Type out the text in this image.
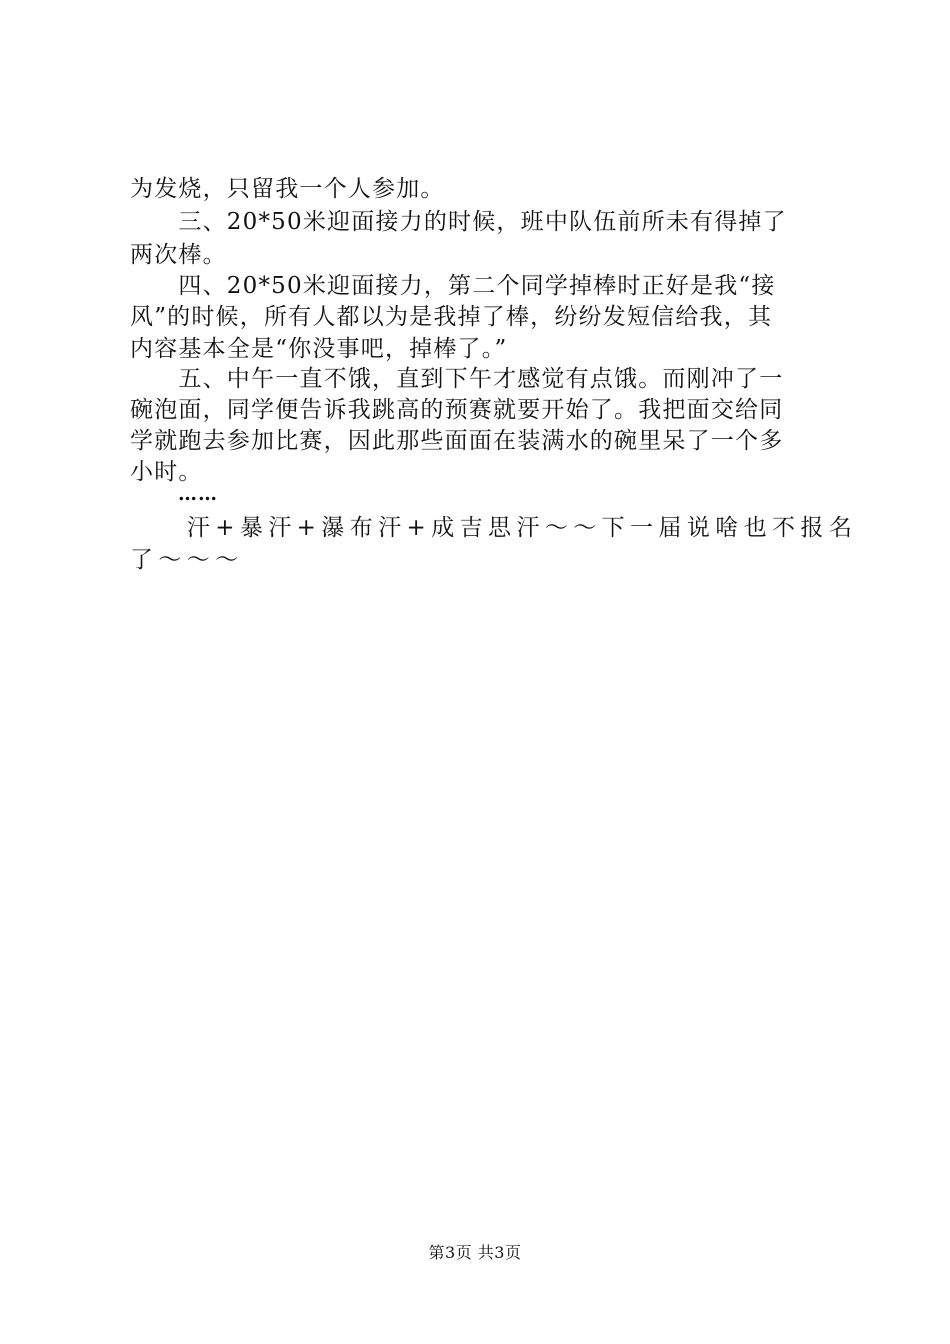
为发烧，只留我一个人参加。
　　三、20*50米迎面接力的时候，班中队伍前所未有得掉了
两次棒。
　　四、20*50米迎面接力，第二个同学掉棒时正好是我“接
风”的时候，所有人都以为是我掉了棒，纷纷发短信给我，其
内容基本全是“你没事吧，掉棒了。”
　　五、中午一直不饿，直到下午才感觉有点饿。而刚冲了一
碗泡面，同学便告诉我跳高的预赛就要开始了。我把面交给同
学就跑去参加比赛，因此那些面面在装满水的碗里呆了一个多
小时。
……
　　汗+暴汗+瀑布汗+成吉思汗～～下一届说啥也不报名
了～～～
第3页 共3页
